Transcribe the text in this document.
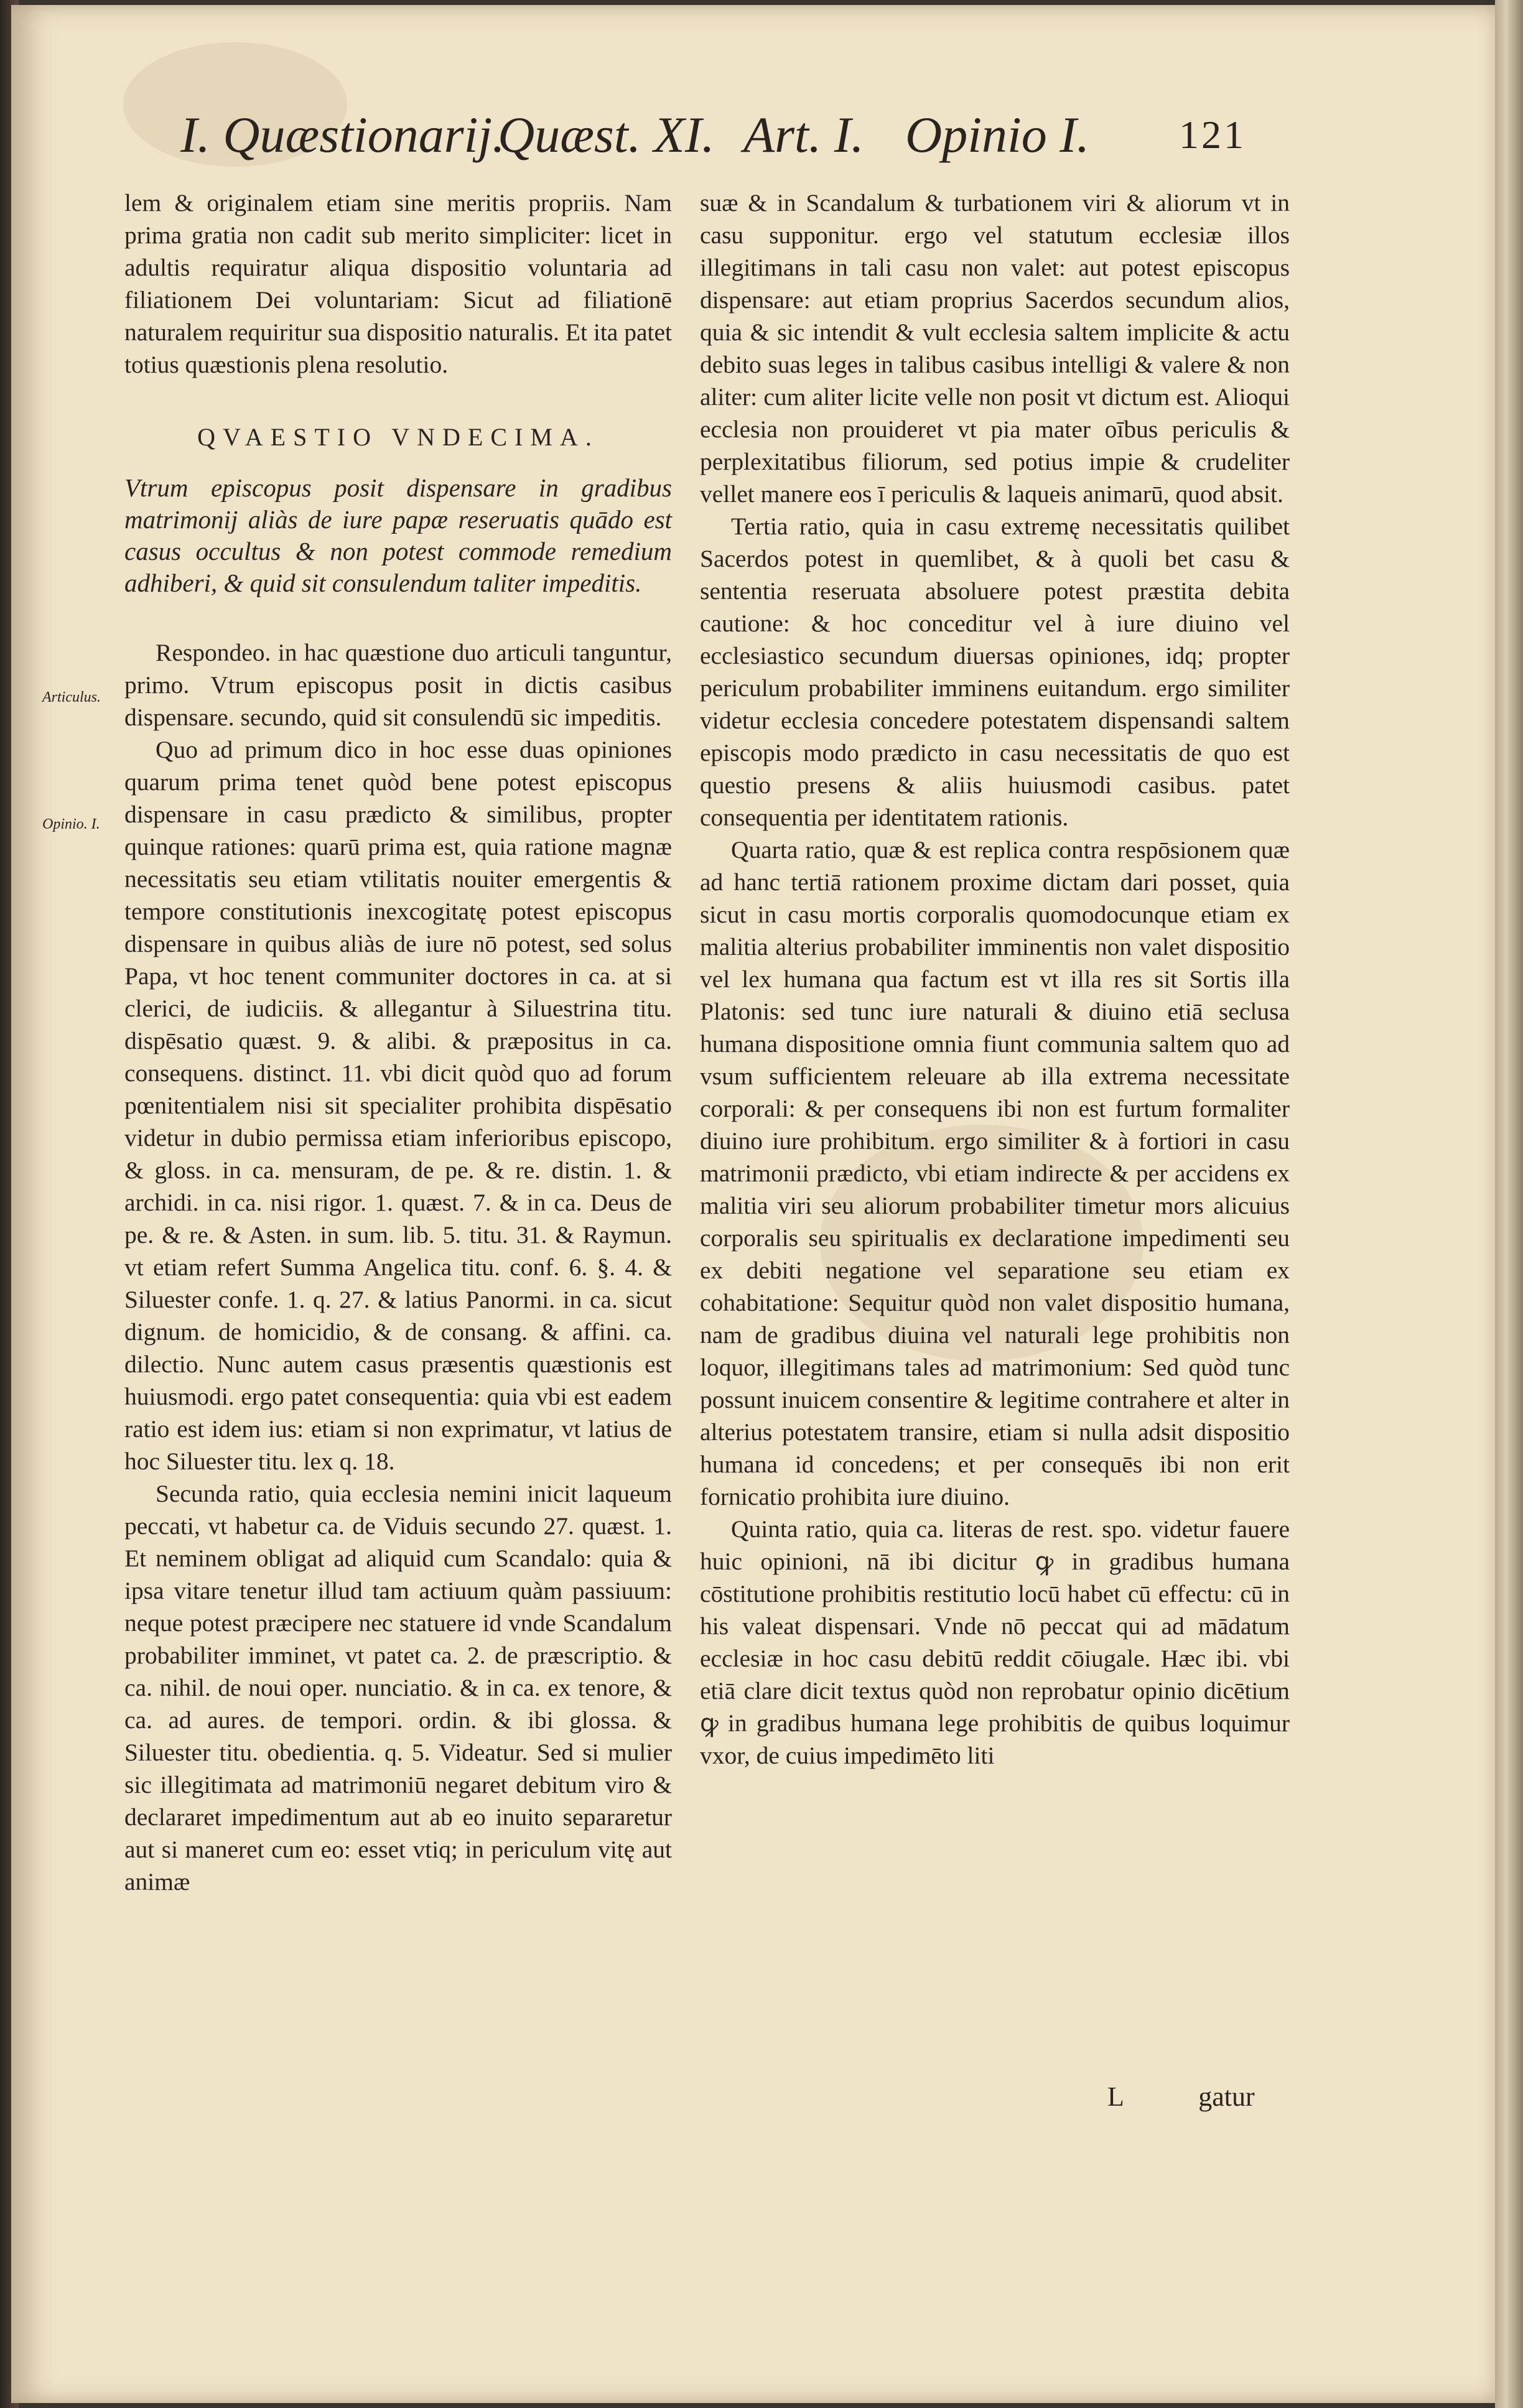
I. Quæstionarij.
Quæst. XI. Art. I. Opinio I. 121
Articulus.
Opinio. I.

lem & originalem etiam sine meritis propriis. Nam prima gratia non cadit sub merito simpliciter: licet in adultis requiratur aliqua dispositio voluntaria ad filiationem Dei voluntariam: Sicut ad filiationē naturalem requiritur sua dispositio naturalis. Et ita patet totius quæstionis plena resolutio.

QVAESTIO VNDECIMA.

Vtrum episcopus posit dispensare in gradibus matrimonij aliàs de iure papæ reseruatis quādo est casus occultus & non potest commode remedium adhiberi, & quid sit consulendum taliter impeditis.

Respondeo. in hac quæstione duo articuli tanguntur, primo. Vtrum episcopus posit in dictis casibus dispensare. secundo, quid sit consulendū sic impeditis.

Quo ad primum dico in hoc esse duas opiniones quarum prima tenet quòd bene potest episcopus dispensare in casu prædicto & similibus, propter quinque rationes: quarū prima est, quia ratione magnæ necessitatis seu etiam vtilitatis nouiter emergentis & tempore constitutionis inexcogitatę potest episcopus dispensare in quibus aliàs de iure nō potest, sed solus Papa, vt hoc tenent communiter doctores in ca. at si clerici, de iudiciis. & allegantur à Siluestrina titu. dispēsatio quæst. 9. & alibi. & præpositus in ca. consequens. distinct. 11. vbi dicit quòd quo ad forum pœnitentialem nisi sit specialiter prohibita dispēsatio videtur in dubio permissa etiam inferioribus episcopo, & gloss. in ca. mensuram, de pe. & re. distin. 1. & archidi. in ca. nisi rigor. 1. quæst. 7. & in ca. Deus de pe. & re. & Asten. in sum. lib. 5. titu. 31. & Raymun. vt etiam refert Summa Angelica titu. conf. 6. §. 4. & Siluester confe. 1. q. 27. & latius Panormi. in ca. sicut dignum. de homicidio, & de consang. & affini. ca. dilectio. Nunc autem casus præsentis quæstionis est huiusmodi. ergo patet consequentia: quia vbi est eadem ratio est idem ius: etiam si non exprimatur, vt latius de hoc Siluester titu. lex q. 18.

Secunda ratio, quia ecclesia nemini inicit laqueum peccati, vt habetur ca. de Viduis secundo 27. quæst. 1. Et neminem obligat ad aliquid cum Scandalo: quia & ipsa vitare tenetur illud tam actiuum quàm passiuum: neque potest præcipere nec statuere id vnde Scandalum probabiliter imminet, vt patet ca. 2. de præscriptio. & ca. nihil. de noui oper. nunciatio. & in ca. ex tenore, & ca. ad aures. de tempori. ordin. & ibi glossa. & Siluester titu. obedientia. q. 5. Videatur. Sed si mulier sic illegitimata ad matrimoniū negaret debitum viro & declararet impedimentum aut ab eo inuito separaretur aut si maneret cum eo: esset vtiq; in periculum vitę aut animæ

suæ & in Scandalum & turbationem viri & aliorum vt in casu supponitur. ergo vel statutum ecclesiæ illos illegitimans in tali casu non valet: aut potest episcopus dispensare: aut etiam proprius Sacerdos secundum alios, quia & sic intendit & vult ecclesia saltem implicite & actu debito suas leges in talibus casibus intelligi & valere & non aliter: cum aliter licite velle non posit vt dictum est. Alioqui ecclesia non prouideret vt pia mater oībus periculis & perplexitatibus filiorum, sed potius impie & crudeliter vellet manere eos ī periculis & laqueis animarū, quod absit.

Tertia ratio, quia in casu extremę necessitatis quilibet Sacerdos potest in quemlibet, & à quoli bet casu & sententia reseruata absoluere potest præstita debita cautione: & hoc conceditur vel à iure diuino vel ecclesiastico secundum diuersas opiniones, idq; propter periculum probabiliter imminens euitandum. ergo similiter videtur ecclesia concedere potestatem dispensandi saltem episcopis modo prædicto in casu necessitatis de quo est questio presens & aliis huiusmodi casibus. patet consequentia per identitatem rationis.

Quarta ratio, quæ & est replica contra respōsionem quæ ad hanc tertiā rationem proxime dictam dari posset, quia sicut in casu mortis corporalis quomodocunque etiam ex malitia alterius probabiliter imminentis non valet dispositio vel lex humana qua factum est vt illa res sit Sortis illa Platonis: sed tunc iure naturali & diuino etiā seclusa humana dispositione omnia fiunt communia saltem quo ad vsum sufficientem releuare ab illa extrema necessitate corporali: & per consequens ibi non est furtum formaliter diuino iure prohibitum. ergo similiter & à fortiori in casu matrimonii prædicto, vbi etiam indirecte & per accidens ex malitia viri seu aliorum probabiliter timetur mors alicuius corporalis seu spiritualis ex declaratione impedimenti seu ex debiti negatione vel separatione seu etiam ex cohabitatione: Sequitur quòd non valet dispositio humana, nam de gradibus diuina vel naturali lege prohibitis non loquor, illegitimans tales ad matrimonium: Sed quòd tunc possunt inuicem consentire & legitime contrahere et alter in alterius potestatem transire, etiam si nulla adsit dispositio humana id concedens; et per consequēs ibi non erit fornicatio prohibita iure diuino.

Quinta ratio, quia ca. literas de rest. spo. videtur fauere huic opinioni, nā ibi dicitur ꝙ in gradibus humana cōstitutione prohibitis restitutio locū habet cū effectu: cū in his valeat dispensari. Vnde nō peccat qui ad mādatum ecclesiæ in hoc casu debitū reddit cōiugale. Hæc ibi. vbi etiā clare dicit textus quòd non reprobatur opinio dicētium ꝙ in gradibus humana lege prohibitis de quibus loquimur vxor, de cuius impedimēto liti

L gatur
